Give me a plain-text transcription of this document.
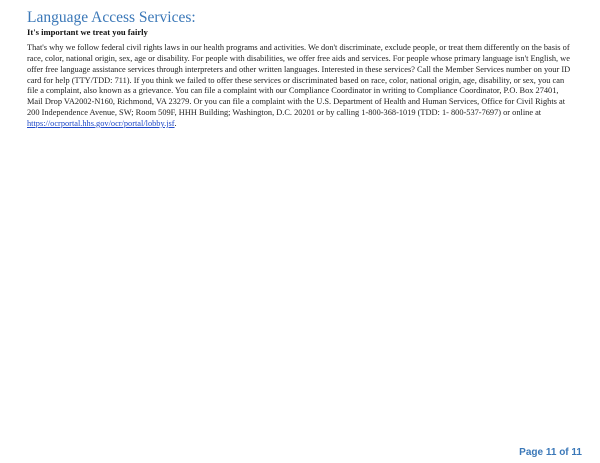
Language Access Services:
It's important we treat you fairly

That's why we follow federal civil rights laws in our health programs and activities. We don't discriminate, exclude people, or treat them differently on the basis of race, color, national origin, sex, age or disability. For people with disabilities, we offer free aids and services. For people whose primary language isn't English, we offer free language assistance services through interpreters and other written languages. Interested in these services? Call the Member Services number on your ID card for help (TTY/TDD: 711). If you think we failed to offer these services or discriminated based on race, color, national origin, age, disability, or sex, you can file a complaint, also known as a grievance. You can file a complaint with our Compliance Coordinator in writing to Compliance Coordinator, P.O. Box 27401, Mail Drop VA2002-N160, Richmond, VA 23279. Or you can file a complaint with the U.S. Department of Health and Human Services, Office for Civil Rights at 200 Independence Avenue, SW; Room 509F, HHH Building; Washington, D.C. 20201 or by calling 1-800-368-1019 (TDD: 1- 800-537-7697) or online at https://ocrportal.hhs.gov/ocr/portal/lobby.jsf.

Page 11 of 11
